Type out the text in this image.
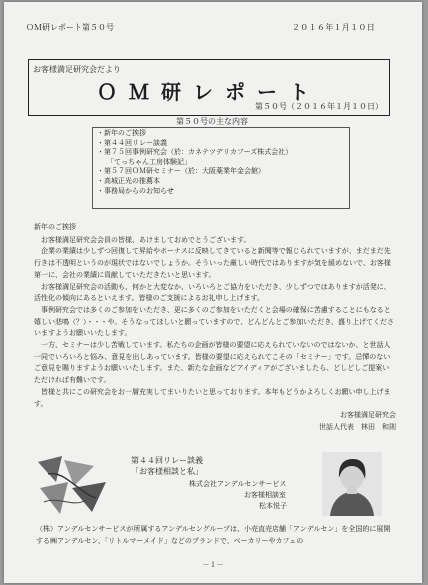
ＯＭ研レポート第５０号	２０１６年１月１０日
お客様満足研究会だより
ＯＭ研レポート
第５０号（２０１６年１月１０日）
第５０号の主な内容
・新年のご挨拶
・第４４回リレー談義
・第７５回事例研究会（於：カネテツデリカフーズ株式会社）
「てっちゃん工房体験記」
・第５７回ＯＭ研セミナー（於：大阪薬業年金会館）
・高城正光の推薦本
・事務局からのお知らせ

新年のご挨拶

お客様満足研究会会員の皆様、あけましておめでとうございます。

企業の業績は少しずつ回復して昇給やボーナスに反映してきていると新聞等で報じられていますが、まだまだ先行きは不透明というのが現状ではないでしょうか。そういった厳しい時代ではありますが気を緩めないで、お客様第一に、会社の業績に貢献していただきたいと思います。

お客様満足研究会の活動も、何かと大変なか、いろいろとご協力をいただき、少しずつではありますが活発に、活性化の傾向にあるといえます。皆様のご支援によるお礼申し上げます。

事例研究会では多くのご参加をいただき、更に多くのご参加をいただくと会場の確保に苦慮することにもなると嬉しい悲鳴（？）・・・や。そうなってほしいと願っていますので、どんどんとご参加いただき、盛り上げてくださいますようお願いいたします。

一方、セミナーは少し苦戦しています。私たちの企画が皆様の要望に応えられていないのではないか、と世話人一同でいろいろと悩み、意見を出しあっています。皆様の要望に応えられてこその「セミナー」です。忌憚のないご意見を賜りますようお願いいたします。また、新たな企画などアイディアがございましたら、どしどしご提案いただければ有難いです。

皆様と共にこの研究会をお一層充実してまいりたいと思っております。本年もどうかよろしくお願い申し上げます。

お客様満足研究会

世話人代表　林田　和則

第４４回リレー談義
「お客様相談と私」
株式会社アンデルセンサービス
お客様相談室
松本悦子

（株）アンデルセンサービスが所属するアンデルセングループは、小売直売店舗「アンデルセン」を全国的に展開する㈱アンデルセン、「リトルマーメイド」などのブランドで、ベーカリーやカフェの

－１－
